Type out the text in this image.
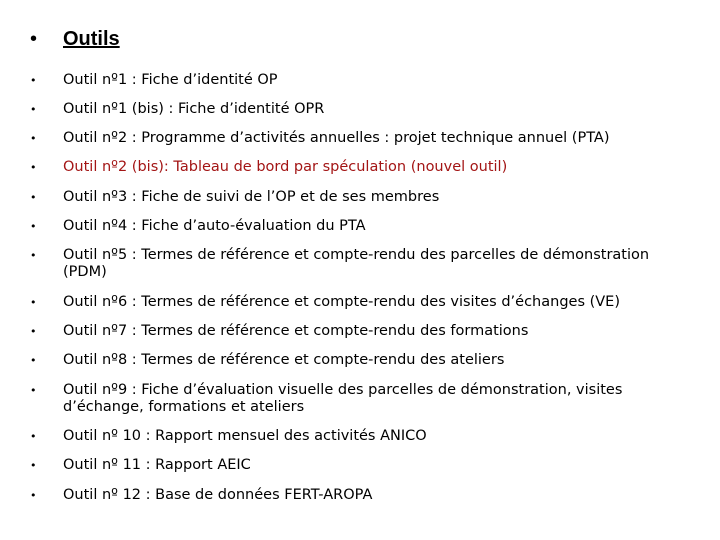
•	Outils
•	Outil nº1 : Fiche d’identité OP
•	Outil nº1 (bis) : Fiche d’identité OPR
•	Outil nº2 : Programme d’activités annuelles : projet technique annuel (PTA)
•	Outil nº2 (bis): Tableau de bord par spéculation (nouvel outil)
•	Outil nº3 : Fiche de suivi de l’OP et de ses membres
•	Outil nº4 : Fiche d’auto-évaluation du PTA
•	Outil nº5 : Termes de référence et compte-rendu des parcelles de démonstration (PDM)
•	Outil nº6 : Termes de référence et compte-rendu des visites d’échanges (VE)
•	Outil nº7 : Termes de référence et compte-rendu des formations
•	Outil nº8 : Termes de référence et compte-rendu des ateliers
•	Outil nº9 : Fiche d’évaluation visuelle des parcelles de démonstration, visites d’échange, formations et ateliers
•	Outil nº 10 : Rapport mensuel des activités ANICO
•	Outil nº 11 : Rapport AEIC
•	Outil nº 12 : Base de données FERT-AROPA
